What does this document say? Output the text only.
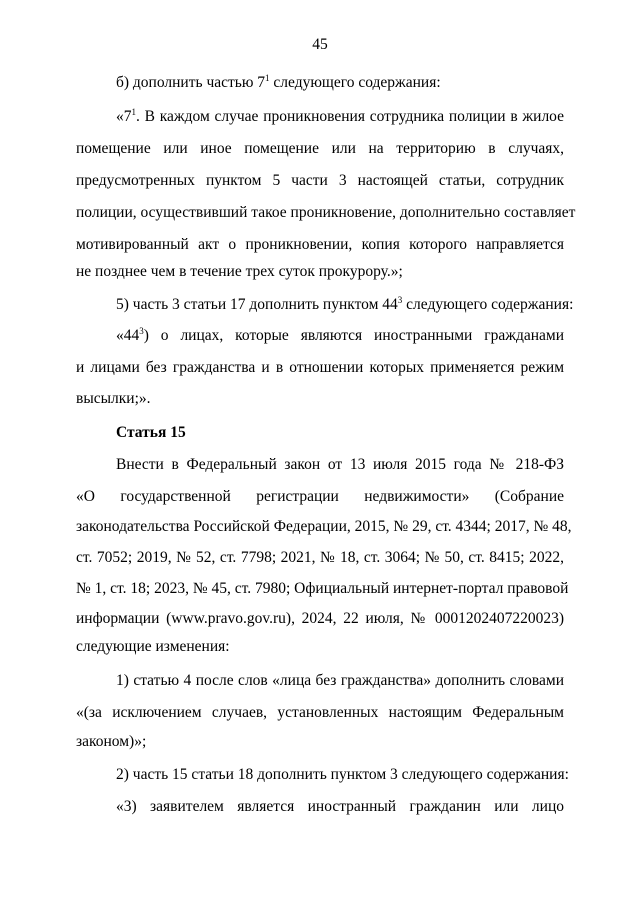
45
б) дополнить частью $7^1$ следующего содержания:
«$7^1$. В каждом случае проникновения сотрудника полиции в жилое
помещение или иное помещение или на территорию в случаях,
предусмотренных пунктом 5 части 3 настоящей статьи, сотрудник
полиции, осуществивший такое проникновение, дополнительно составляет
мотивированный акт о проникновении, копия которого направляется
не позднее чем в течение трех суток прокурору.»;
5) часть 3 статьи 17 дополнить пунктом $44^3$ следующего содержания:
«$44^3$) о лицах, которые являются иностранными гражданами
и лицами без гражданства и в отношении которых применяется режим
высылки;».
Статья 15
Внести в Федеральный закон от 13 июля 2015 года № 218-ФЗ
«О государственной регистрации недвижимости» (Собрание
законодательства Российской Федерации, 2015, № 29, ст. 4344; 2017, № 48,
ст. 7052; 2019, № 52, ст. 7798; 2021, № 18, ст. 3064; № 50, ст. 8415; 2022,
№ 1, ст. 18; 2023, № 45, ст. 7980; Официальный интернет-портал правовой
информации (www.pravo.gov.ru), 2024, 22 июля, № 0001202407220023)
следующие изменения:
1) статью 4 после слов «лица без гражданства» дополнить словами
«(за исключением случаев, установленных настоящим Федеральным
законом)»;
2) часть 15 статьи 18 дополнить пунктом 3 следующего содержания:
«3) заявителем является иностранный гражданин или лицо
